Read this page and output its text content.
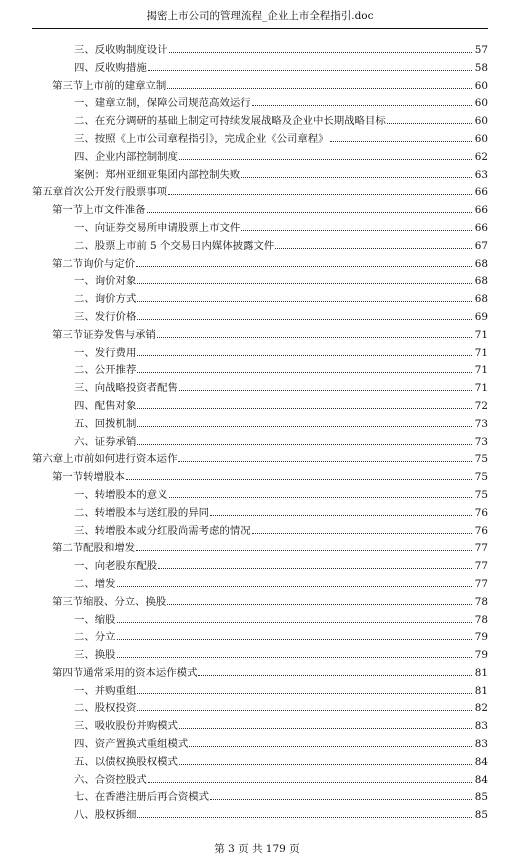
揭密上市公司的管理流程_企业上市全程指引.doc
三、反收购制度设计	57
四、反收购措施	58
第三节上市前的建章立制	60
一、建章立制，保障公司规范高效运行	60
二、在充分调研的基础上制定可持续发展战略及企业中长期战略目标	60
三、按照《上市公司章程指引》，完成企业《公司章程》	60
四、企业内部控制制度	62
案例：郑州亚细亚集团内部控制失败	63
第五章首次公开发行股票事项	66
第一节上市文件准备	66
一、向证券交易所申请股票上市文件	66
二、股票上市前 5 个交易日内媒体披露文件	67
第二节询价与定价	68
一、询价对象	68
二、询价方式	68
三、发行价格	69
第三节证券发售与承销	71
一、发行费用	71
二、公开推荐	71
三、向战略投资者配售	71
四、配售对象	72
五、回拨机制	73
六、证券承销	73
第六章上市前如何进行资本运作	75
第一节转增股本	75
一、转增股本的意义	75
二、转增股本与送红股的异同	76
三、转增股本或分红股尚需考虑的情况	76
第二节配股和增发	77
一、向老股东配股	77
二、增发	77
第三节缩股、分立、换股	78
一、缩股	78
二、分立	79
三、换股	79
第四节通常采用的资本运作模式	81
一、并购重组	81
二、股权投资	82
三、吸收股份并购模式	83
四、资产置换式重组模式	83
五、以债权换股权模式	84
六、合资控股式	84
七、在香港注册后再合资模式	85
八、股权拆细	85
第 3 页 共 179 页
